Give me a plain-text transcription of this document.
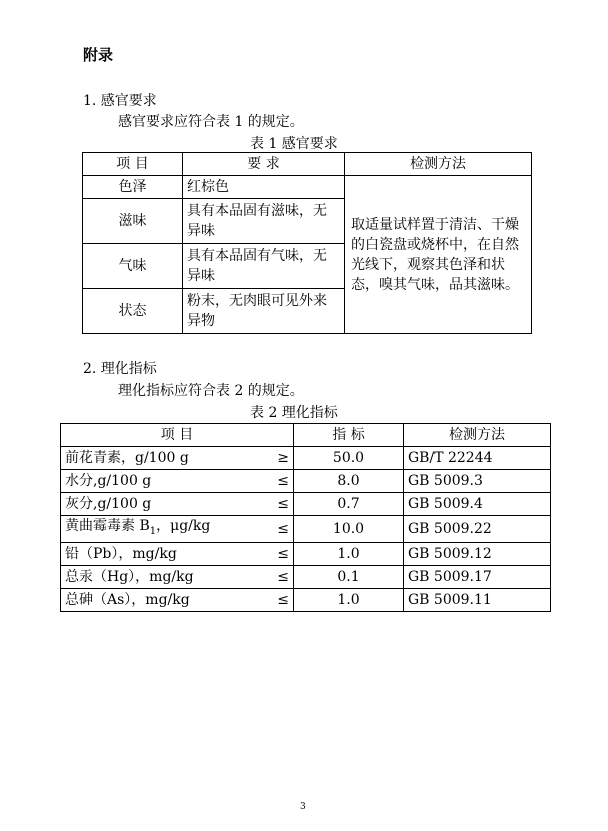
附录
1. 感官要求
感官要求应符合表 1 的规定。
表 1 感官要求
项 目	要 求	检测方法
色泽	红棕色	取适量试样置于清洁、干燥的白瓷盘或烧杯中，在自然光线下，观察其色泽和状态，嗅其气味，品其滋味。
滋味	具有本品固有滋味，无异味	
气味	具有本品固有气味，无异味	
状态	粉末，无肉眼可见外来异物	
2. 理化指标
理化指标应符合表 2 的规定。
表 2 理化指标
项 目	指 标	检测方法

前花青素，g/100 g ≥	50.0	GB/T 22244

水分,g/100 g ≤	8.0	GB 5009.3

灰分,g/100 g ≤	0.7	GB 5009.4

黄曲霉毒素 $B_1$，μg/kg ≤	10.0	GB 5009.22

铅（Pb），mg/kg ≤	1.0	GB 5009.12

总汞（Hg），mg/kg ≤	0.1	GB 5009.17

总砷（As），mg/kg ≤	1.0	GB 5009.11
3
